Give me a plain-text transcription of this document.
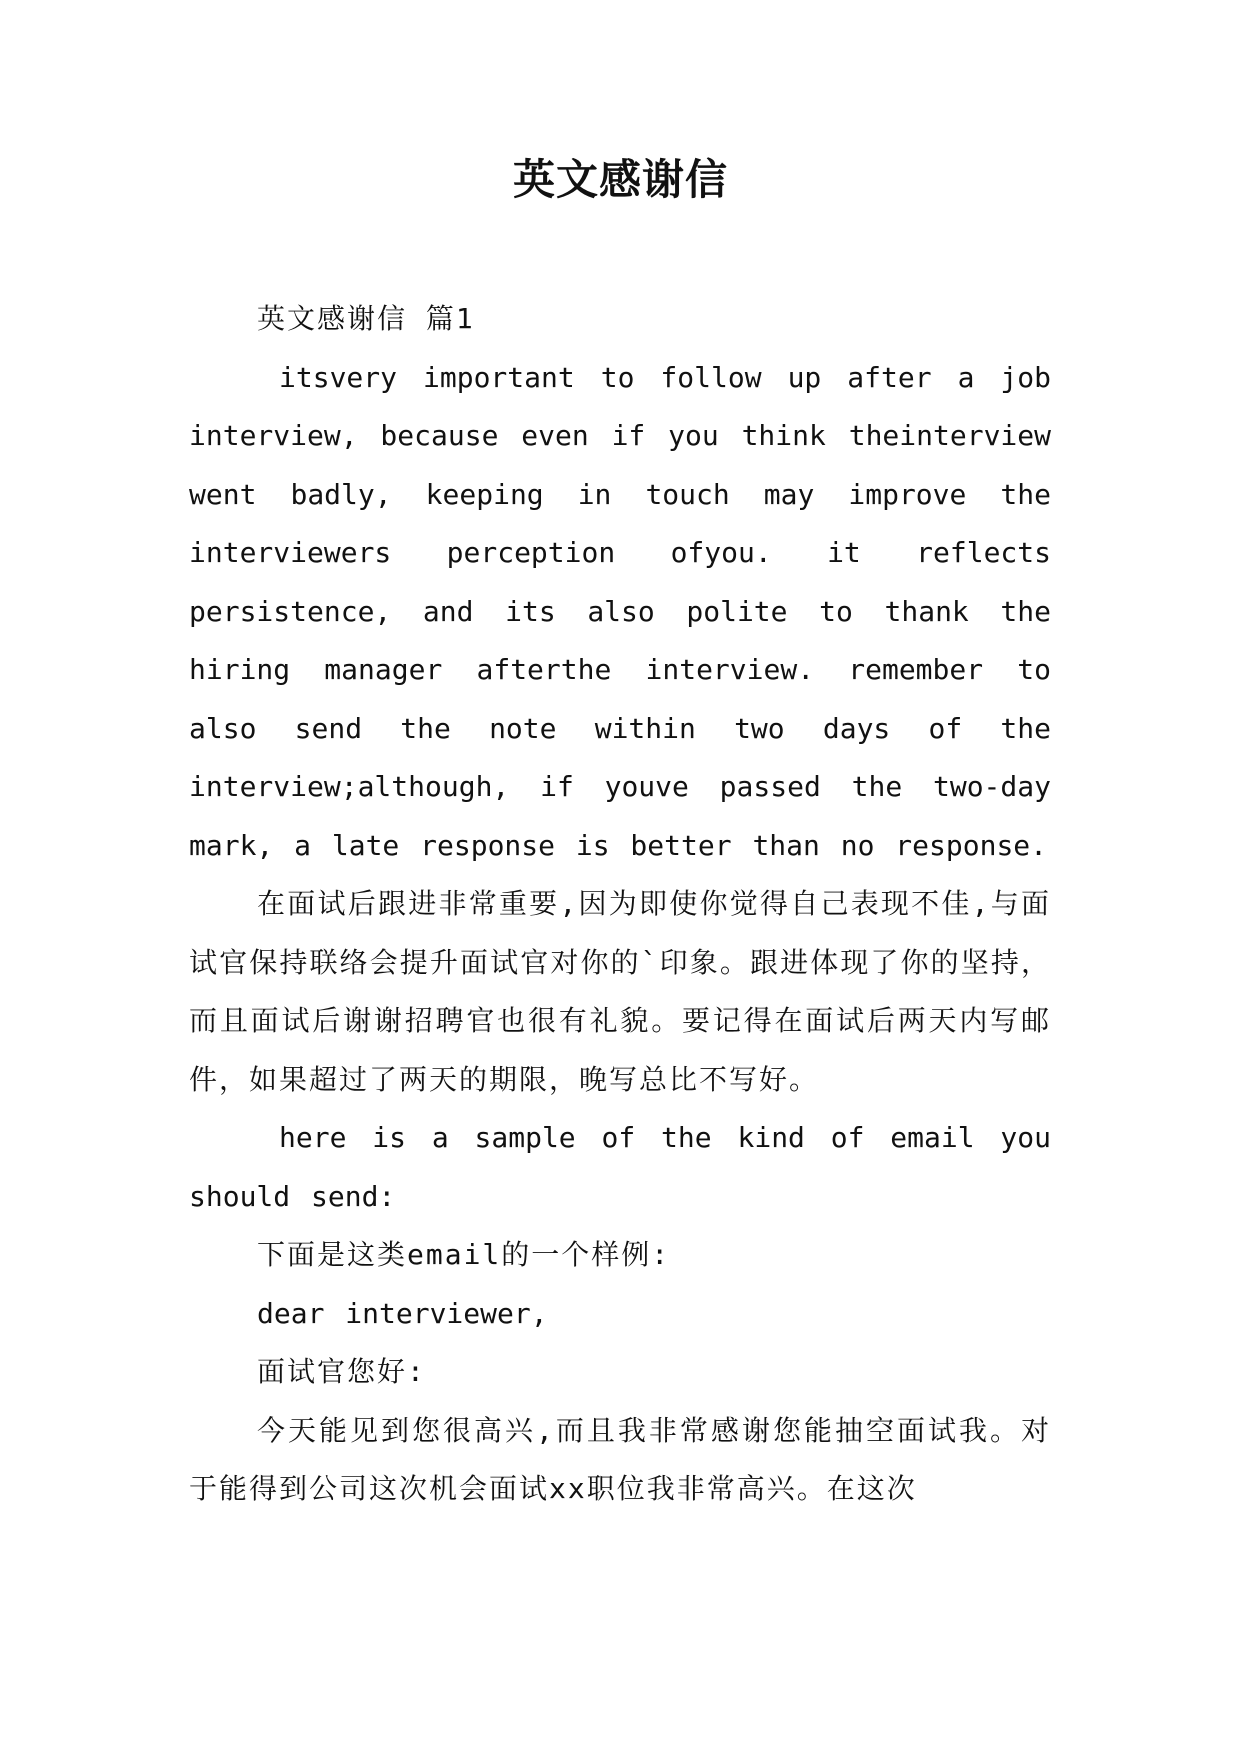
英文感谢信

英文感谢信 篇1

itsvery important to follow up after a job interview, because even if you think theinterview went badly, keeping in touch may improve the interviewers perception ofyou. it reflects persistence, and its also polite to thank the hiring manager afterthe interview. remember to also send the note within two days of the interview;although, if youve passed the two-day mark, a late response is better than no response.

在面试后跟进非常重要,因为即使你觉得自己表现不佳,与面试官保持联络会提升面试官对你的`印象。跟进体现了你的坚持，而且面试后谢谢招聘官也很有礼貌。要记得在面试后两天内写邮件，如果超过了两天的期限，晚写总比不写好。

here is a sample of the kind of email you should send:

下面是这类email的一个样例:

dear interviewer,

面试官您好:

今天能见到您很高兴,而且我非常感谢您能抽空面试我。对于能得到公司这次机会面试xx职位我非常高兴。在这次
